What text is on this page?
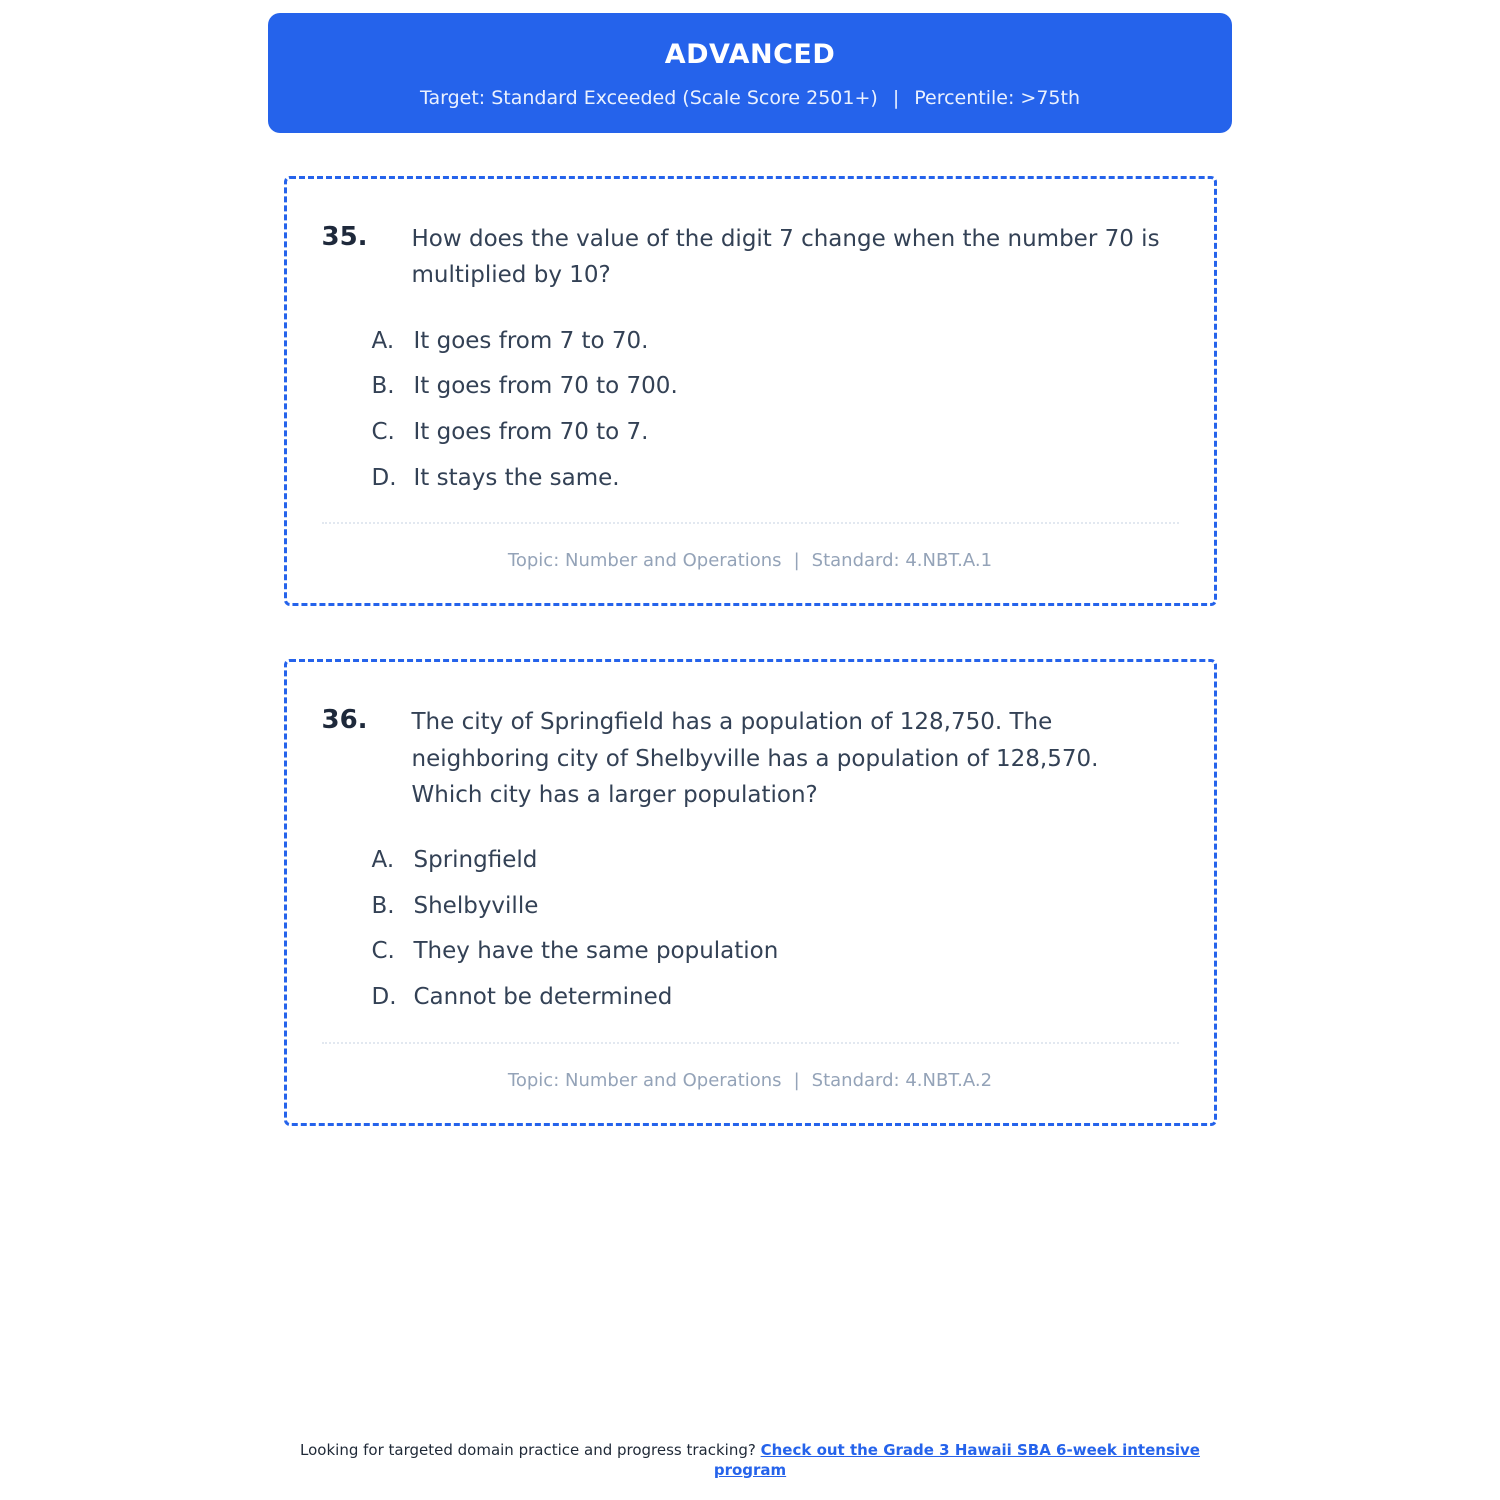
ADVANCED
Target: Standard Exceeded (Scale Score 2501+) | Percentile: >75th
35.	How does the value of the digit 7 change when the number 70 is multiplied by 10?
A. It goes from 7 to 70.
B. It goes from 70 to 700.
C. It goes from 70 to 7.
D. It stays the same.
Topic: Number and Operations | Standard: 4.NBT.A.1
36.	The city of Springfield has a population of 128,750. The neighboring city of Shelbyville has a population of 128,570. Which city has a larger population?
A. Springfield
B. Shelbyville
C. They have the same population
D. Cannot be determined
Topic: Number and Operations | Standard: 4.NBT.A.2
Looking for targeted domain practice and progress tracking? Check out the Grade 3 Hawaii SBA 6-week intensive program
